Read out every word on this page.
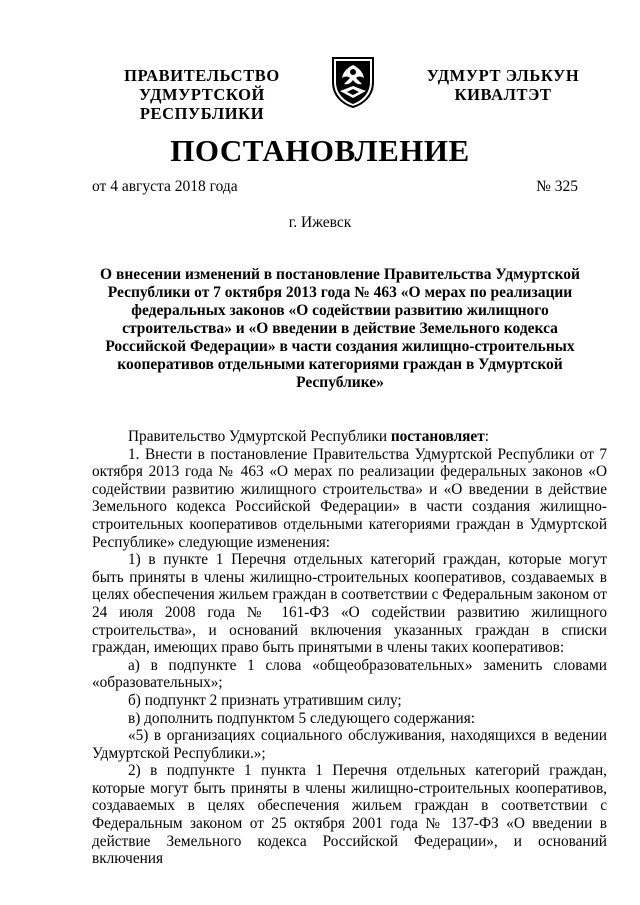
ПРАВИТЕЛЬСТВО
УДМУРТСКОЙ РЕСПУБЛИКИ
УДМУРТ ЭЛЬКУН
КИВАЛТЭТ
ПОСТАНОВЛЕНИЕ
от 4 августа 2018 года	№ 325
г. Ижевск
О внесении изменений в постановление Правительства Удмуртской Республики от 7 октября 2013 года № 463 «О мерах по реализации федеральных законов «О содействии развитию жилищного строительства» и «О введении в действие Земельного кодекса Российской Федерации» в части создания жилищно-строительных кооперативов отдельными категориями граждан в Удмуртской Республике»

Правительство Удмуртской Республики постановляет:

1. Внести в постановление Правительства Удмуртской Республики от 7 октября 2013 года № 463 «О мерах по реализации федеральных законов «О содействии развитию жилищного строительства» и «О введении в действие Земельного кодекса Российской Федерации» в части создания жилищно-строительных кооперативов отдельными категориями граждан в Удмуртской Республике» следующие изменения:

1) в пункте 1 Перечня отдельных категорий граждан, которые могут быть приняты в члены жилищно-строительных кооперативов, создаваемых в целях обеспечения жильем граждан в соответствии с Федеральным законом от 24 июля 2008 года № 161-ФЗ «О содействии развитию жилищного строительства», и оснований включения указанных граждан в списки граждан, имеющих право быть принятыми в члены таких кооперативов:

а) в подпункте 1 слова «общеобразовательных» заменить словами «образовательных»;

б) подпункт 2 признать утратившим силу;

в) дополнить подпунктом 5 следующего содержания:

«5) в организациях социального обслуживания, находящихся в ведении Удмуртской Республики.»;

2) в подпункте 1 пункта 1 Перечня отдельных категорий граждан, которые могут быть приняты в члены жилищно-строительных кооперативов, создаваемых в целях обеспечения жильем граждан в соответствии с Федеральным законом от 25 октября 2001 года № 137-ФЗ «О введении в действие Земельного кодекса Российской Федерации», и оснований включения
